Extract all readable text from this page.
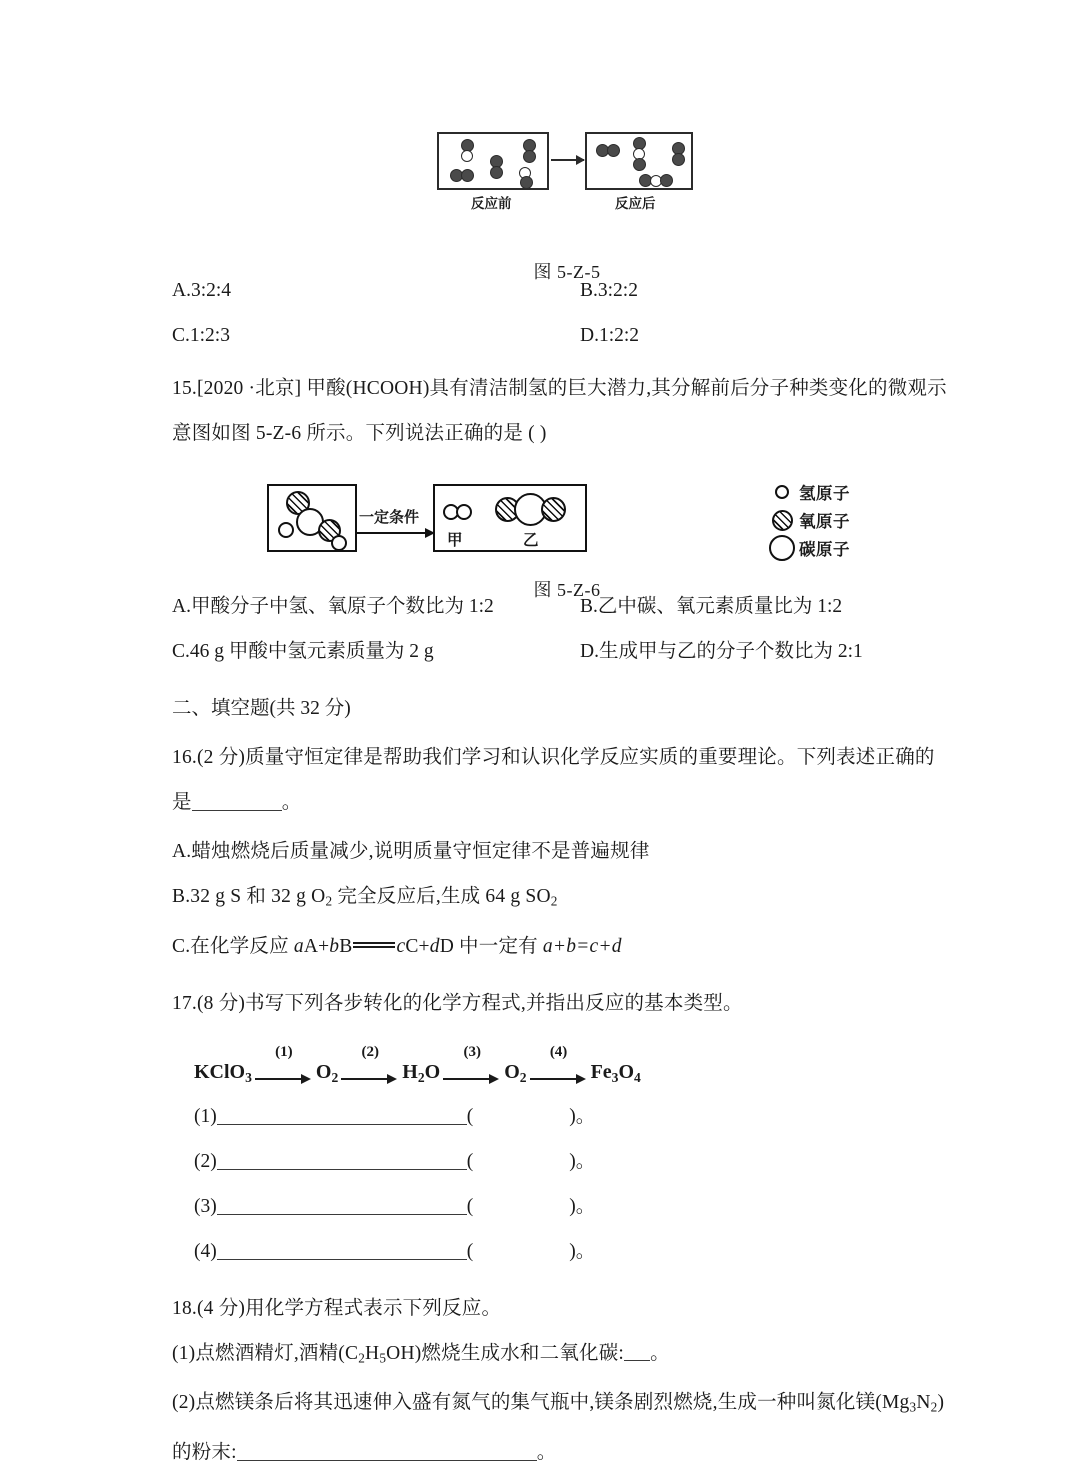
反应前	反应后
图 5-Z-5
A.3:2:4	B.3:2:2
C.1:2:3	D.1:2:2
15.[2020 ·北京] 甲酸(HCOOH)具有清洁制氢的巨大潜力,其分解前后分子种类变化的微观示
意图如图 5-Z-6 所示。下列说法正确的是 ( )
一定条件
甲	乙
氢原子
氧原子
碳原子
图 5-Z-6
A.甲酸分子中氢、氧原子个数比为 1:2	B.乙中碳、氧元素质量比为 1:2
C.46 g 甲酸中氢元素质量为 2 g	D.生成甲与乙的分子个数比为 2:1
二、填空题(共 32 分)
16.(2 分)质量守恒定律是帮助我们学习和认识化学反应实质的重要理论。下列表述正确的
是	。
A.蜡烛燃烧后质量减少,说明质量守恒定律不是普遍规律
B.32 g S 和 32 g $O_2$ 完全反应后,生成 64 g $SO_2$
C.在化学反应 aA+bB cC+dD 中一定有 a+b=c+d
17.(8 分)书写下列各步转化的化学方程式,并指出反应的基本类型。
KClO$_3$
(1)
$O_2$
(2)
$H_2O$
(3)
$O_2$
(4)
$Fe_3O_4$
(1)	(	)。
(2)	(	)。
(3)	(	)。
(4)	(	)。
18.(4 分)用化学方程式表示下列反应。
(1)点燃酒精灯,酒精$(C_2H_5OH)$燃烧生成水和二氧化碳: 。
(2)点燃镁条后将其迅速伸入盛有氮气的集气瓶中,镁条剧烈燃烧,生成一种叫氮化镁$(Mg_3N_2)$
的粉末:	。
